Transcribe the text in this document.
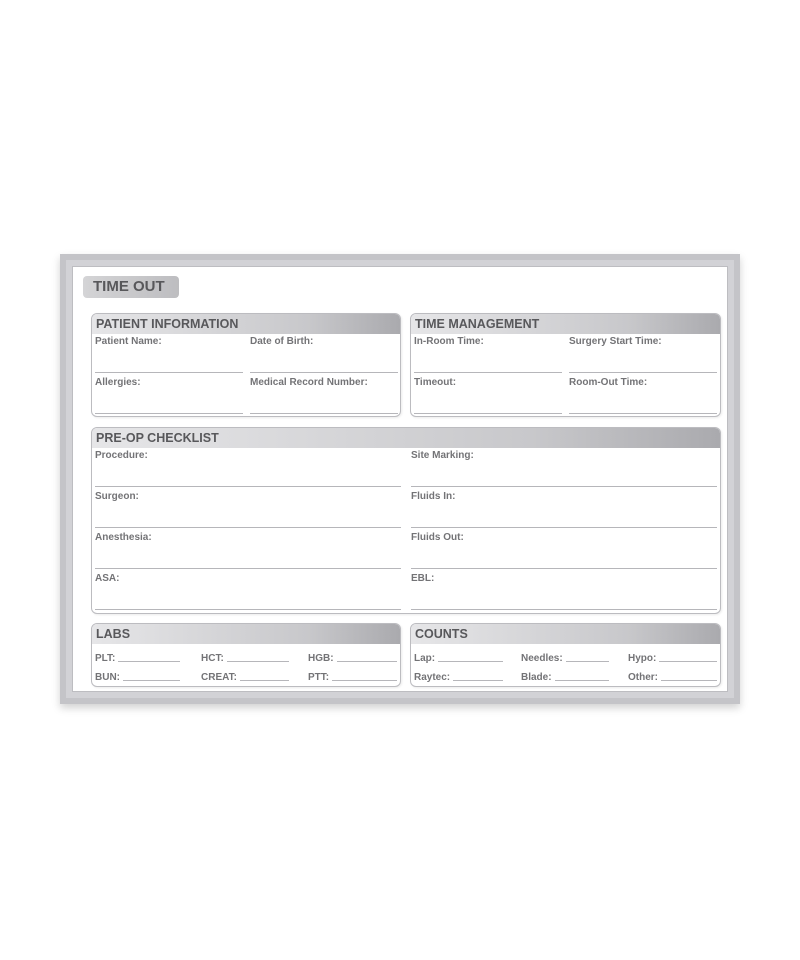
TIME OUT
PATIENT INFORMATION
Patient Name:	Date of Birth:
Allergies:	Medical Record Number:
TIME MANAGEMENT
In-Room Time:	Surgery Start Time:
Timeout:	Room-Out Time:
PRE-OP CHECKLIST
Procedure:	Site Marking:
Surgeon:	Fluids In:
Anesthesia:	Fluids Out:
ASA:	EBL:
LABS
PLT:	HCT:	HGB:
BUN:	CREAT:	PTT:
COUNTS
Lap:	Needles:	Hypo:
Raytec:	Blade:	Other:
